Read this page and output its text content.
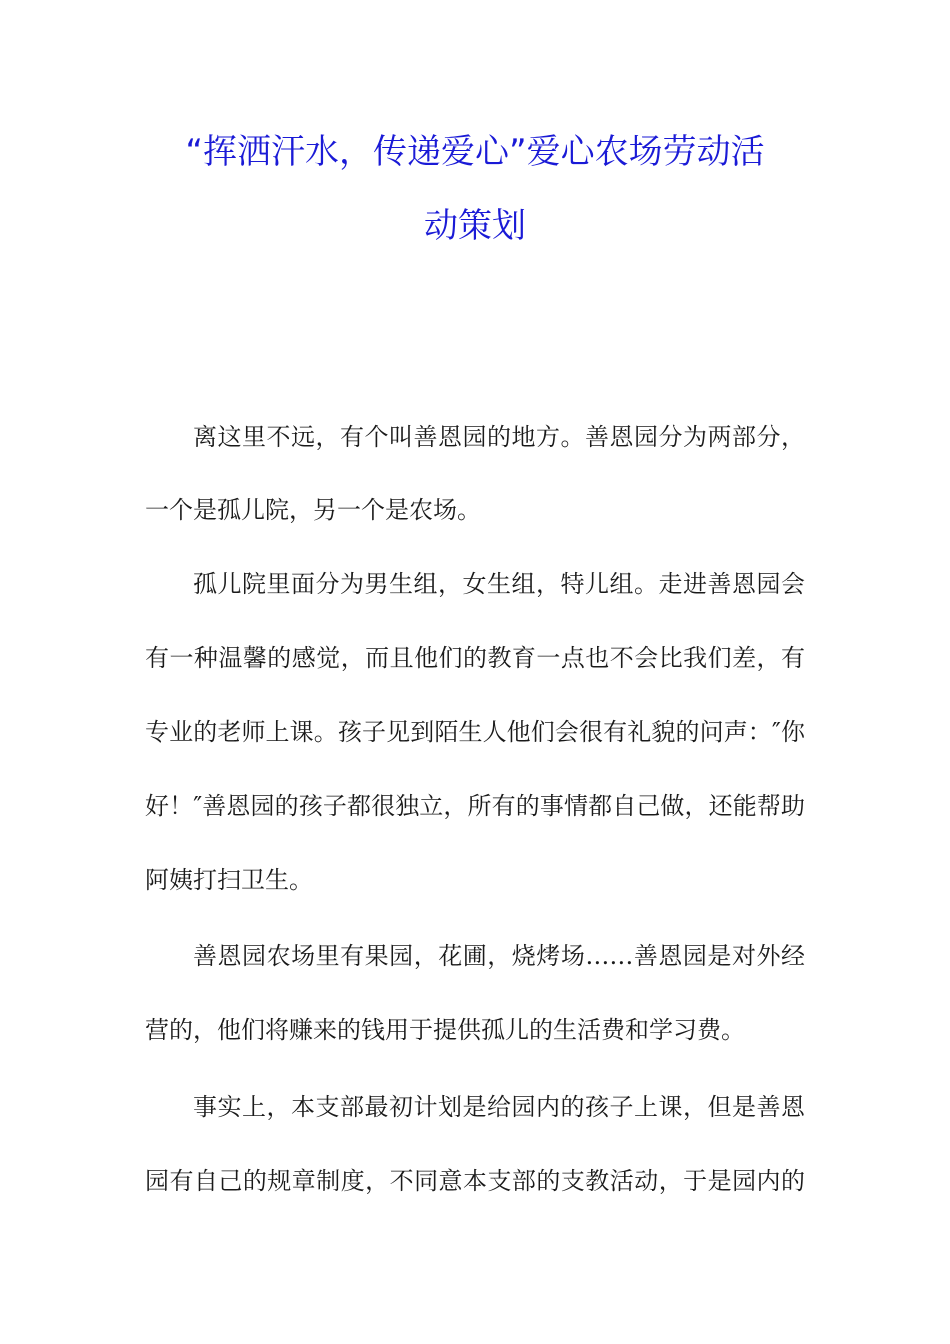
“挥洒汗水，传递爱心”爱心农场劳动活
动策划
离这里不远，有个叫善恩园的地方。善恩园分为两部分，
一个是孤儿院，另一个是农场。
孤儿院里面分为男生组，女生组，特儿组。走进善恩园会
有一种温馨的感觉，而且他们的教育一点也不会比我们差，有
专业的老师上课。孩子见到陌生人他们会很有礼貌的问声：″你
好！″善恩园的孩子都很独立，所有的事情都自己做，还能帮助
阿姨打扫卫生。
善恩园农场里有果园，花圃，烧烤场……善恩园是对外经
营的，他们将赚来的钱用于提供孤儿的生活费和学习费。
事实上，本支部最初计划是给园内的孩子上课，但是善恩
园有自己的规章制度，不同意本支部的支教活动，于是园内的
